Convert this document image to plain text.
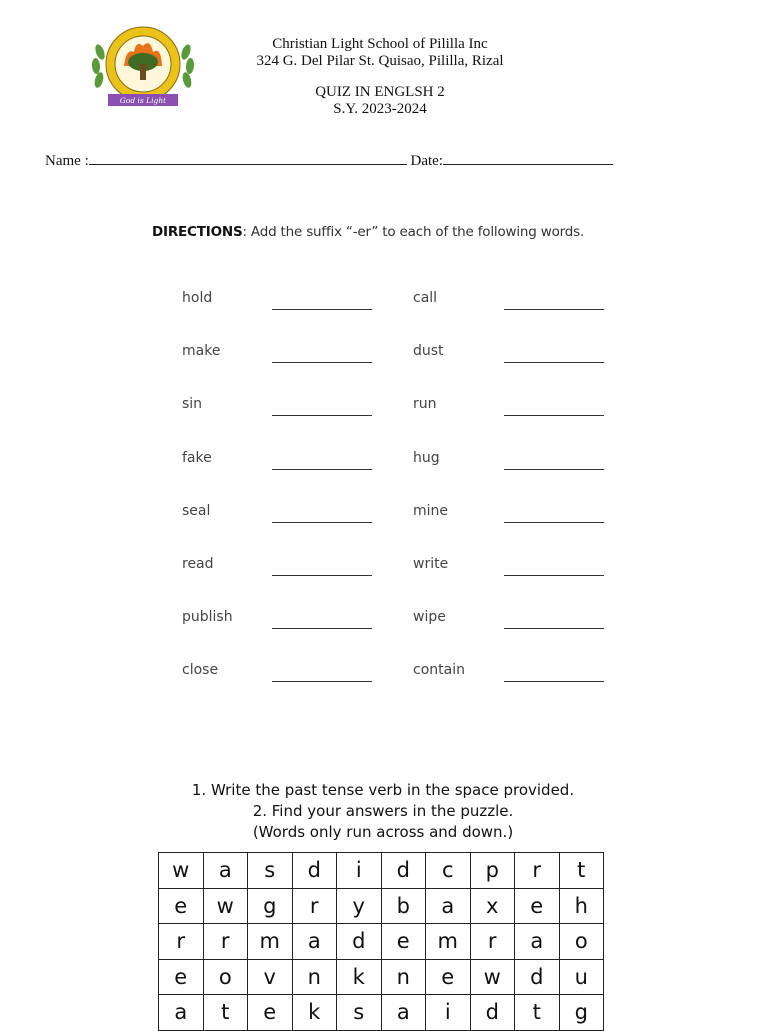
God is Light
Christian Light School of Pililla Inc
324 G. Del Pilar St. Quisao, Pililla, Rizal
QUIZ IN ENGLSH 2
S.Y. 2023-2024
Name :	Date:
DIRECTIONS: Add the suffix “-er” to each of the following words.
hold	call
make	dust
sin	run
fake	hug
seal	mine
read	write
publish	wipe
close	contain
1. Write the past tense verb in the space provided.
2. Find your answers in the puzzle.
(Words only run across and down.)
w	a	s	d	i	d	c	p	r	t
e	w	g	r	y	b	a	x	e	h
r	r	m	a	d	e	m	r	a	o
e	o	v	n	k	n	e	w	d	u
a	t	e	k	s	a	i	d	t	g
